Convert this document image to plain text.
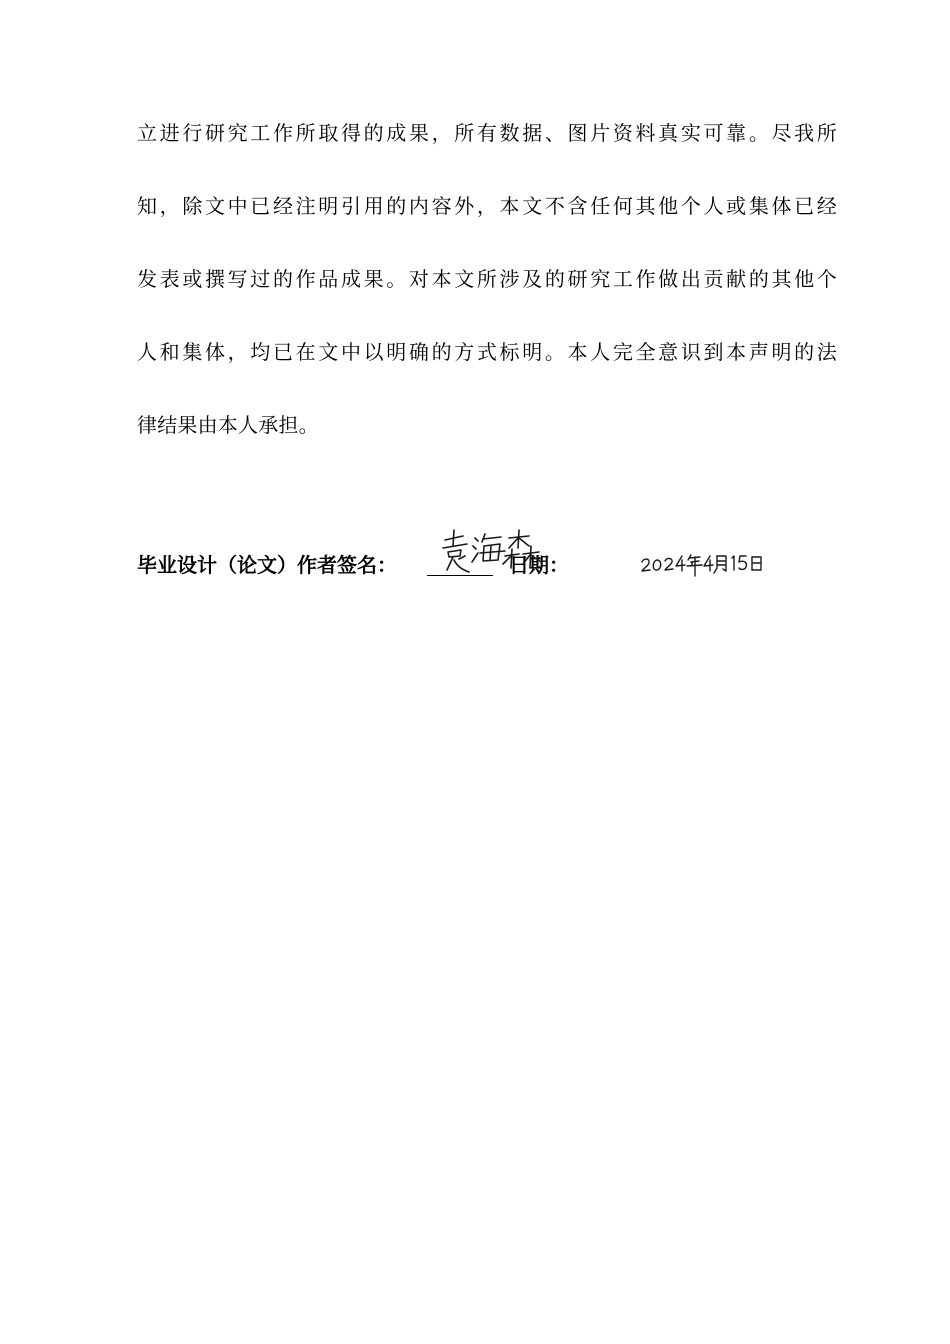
立进行研究工作所取得的成果，所有数据、图片资料真实可靠。尽我所
知，除文中已经注明引用的内容外，本文不含任何其他个人或集体已经
发表或撰写过的作品成果。对本文所涉及的研究工作做出贡献的其他个
人和集体，均已在文中以明确的方式标明。本人完全意识到本声明的法
律结果由本人承担。
毕业设计（论文）作者签名：	日期：
